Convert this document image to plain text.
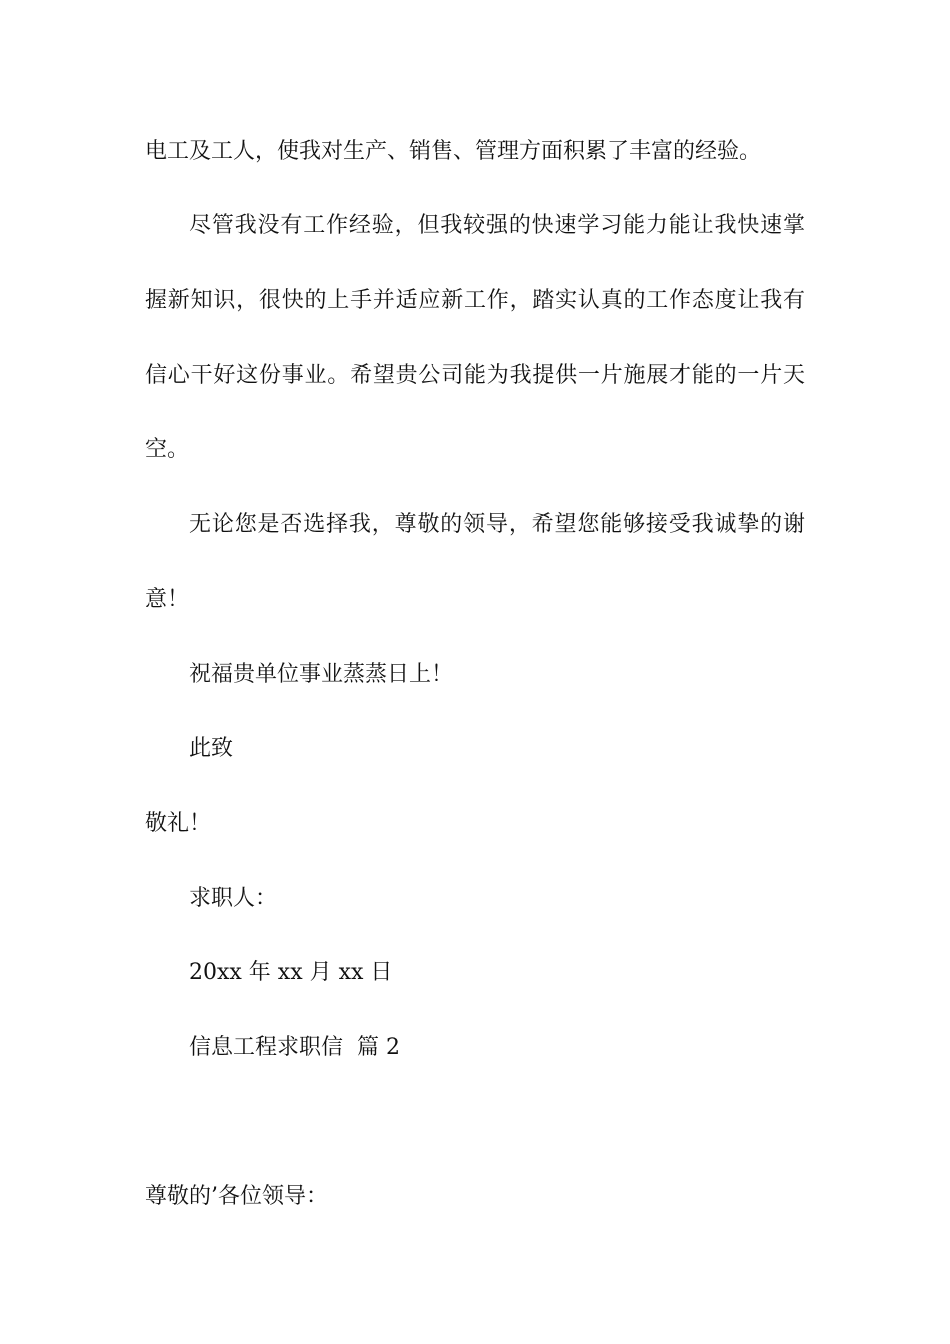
电工及工人，使我对生产、销售、管理方面积累了丰富的经验。
尽管我没有工作经验，但我较强的快速学习能力能让我快速掌
握新知识，很快的上手并适应新工作，踏实认真的工作态度让我有
信心干好这份事业。希望贵公司能为我提供一片施展才能的一片天
空。
无论您是否选择我，尊敬的领导，希望您能够接受我诚挚的谢
意！
祝福贵单位事业蒸蒸日上！
此致
敬礼！
求职人：
20xx 年 xx 月 xx 日
信息工程求职信  篇 2
尊敬的’各位领导：
